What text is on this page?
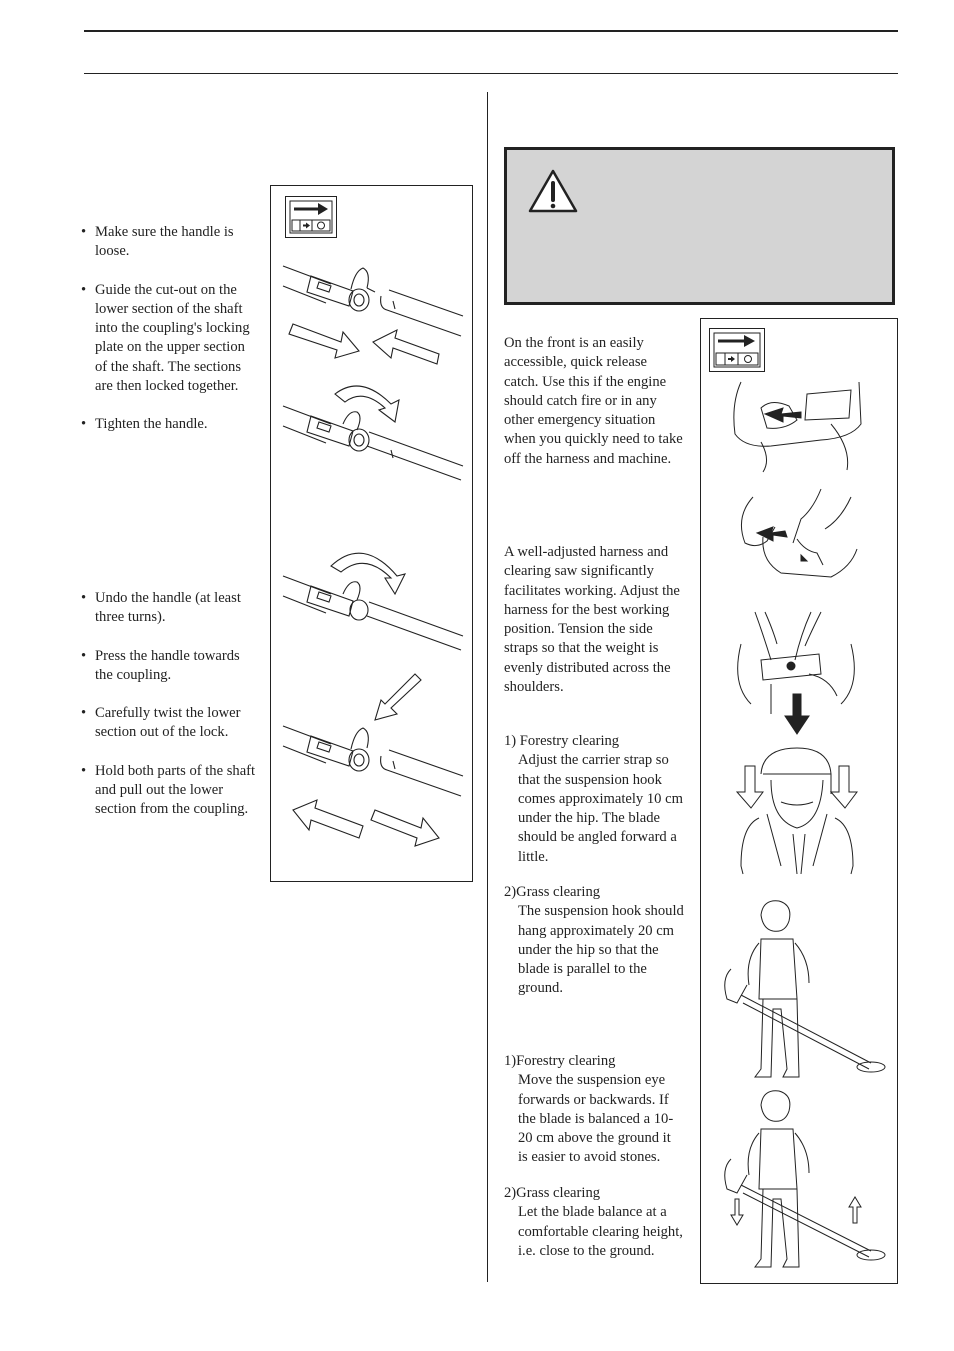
• Make sure the handle is loose.
• Guide the cut-out on the lower section of the shaft into the coupling's locking plate on the upper section of the shaft. The sections are then locked together.
• Tighten the handle.
• Undo the handle (at least three turns).
• Press the handle towards the coupling.
• Carefully twist the lower section out of the lock.
• Hold both parts of the shaft and pull out the lower section from the coupling.
On the front is an easily accessible, quick release catch. Use this if the engine should catch fire or in any other emergency situation when you quickly need to take off the harness and machine.
A well-adjusted harness and clearing saw significantly facilitates working. Adjust the harness for the best working position. Tension the side straps so that the weight is evenly distributed across the shoulders.
1) Forestry clearing
Adjust the carrier strap so that the suspension hook comes approximately 10 cm under the hip. The blade should be angled forward a little.
2)Grass clearing
The suspension hook should hang approximately 20 cm under the hip so that the blade is parallel to the ground.
1)Forestry clearing
Move the suspension eye forwards or backwards. If the blade is balanced a 10-20 cm above the ground it is easier to avoid stones.
2)Grass clearing
Let the blade balance at a comfortable clearing height, i.e. close to the ground.
